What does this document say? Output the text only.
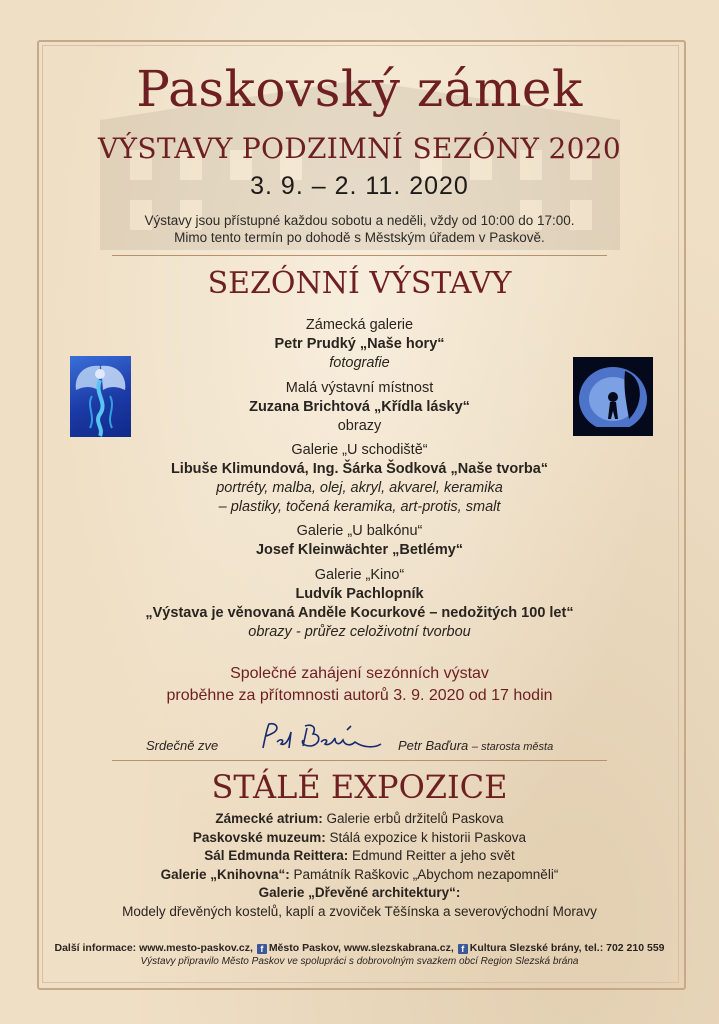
Paskovský zámek
VÝSTAVY PODZIMNÍ SEZÓNY 2020
3. 9. – 2. 11. 2020
Výstavy jsou přístupné každou sobotu a neděli, vždy od 10:00 do 17:00.
Mimo tento termín po dohodě s Městským úřadem v Paskově.
SEZÓNNÍ VÝSTAVY
Zámecká galerie
Petr Prudký „Naše hory“
fotografie
Malá výstavní místnost
Zuzana Brichtová „Křídla lásky“
obrazy
Galerie „U schodiště“
Libuše Klimundová, Ing. Šárka Šodková „Naše tvorba“
portréty, malba, olej, akryl, akvarel, keramika
– plastiky, točená keramika, art-protis, smalt
Galerie „U balkónu“
Josef Kleinwächter „Betlémy“
Galerie „Kino“
Ludvík Pachlopník
„Výstava je věnovaná Anděle Kocurkové – nedožitých 100 let“
obrazy - průřez celoživotní tvorbou
Společné zahájení sezónních výstav
proběhne za přítomnosti autorů 3. 9. 2020 od 17 hodin
Srdečně zve	Petr Baďura – starosta města
STÁLÉ EXPOZICE
Zámecké atrium: Galerie erbů držitelů Paskova
Paskovské muzeum: Stálá expozice k historii Paskova
Sál Edmunda Reittera: Edmund Reitter a jeho svět
Galerie „Knihovna“: Památník Raškovic „Abychom nezapomněli“
Galerie „Dřevěné architektury“:
Modely dřevěných kostelů, kaplí a zvoviček Těšínska a severovýchodní Moravy
Další informace: www.mesto-paskov.cz, f Město Paskov, www.slezskabrana.cz, f Kultura Slezské brány, tel.: 702 210 559
Výstavy připravilo Město Paskov ve spolupráci s dobrovolným svazkem obcí Region Slezská brána
